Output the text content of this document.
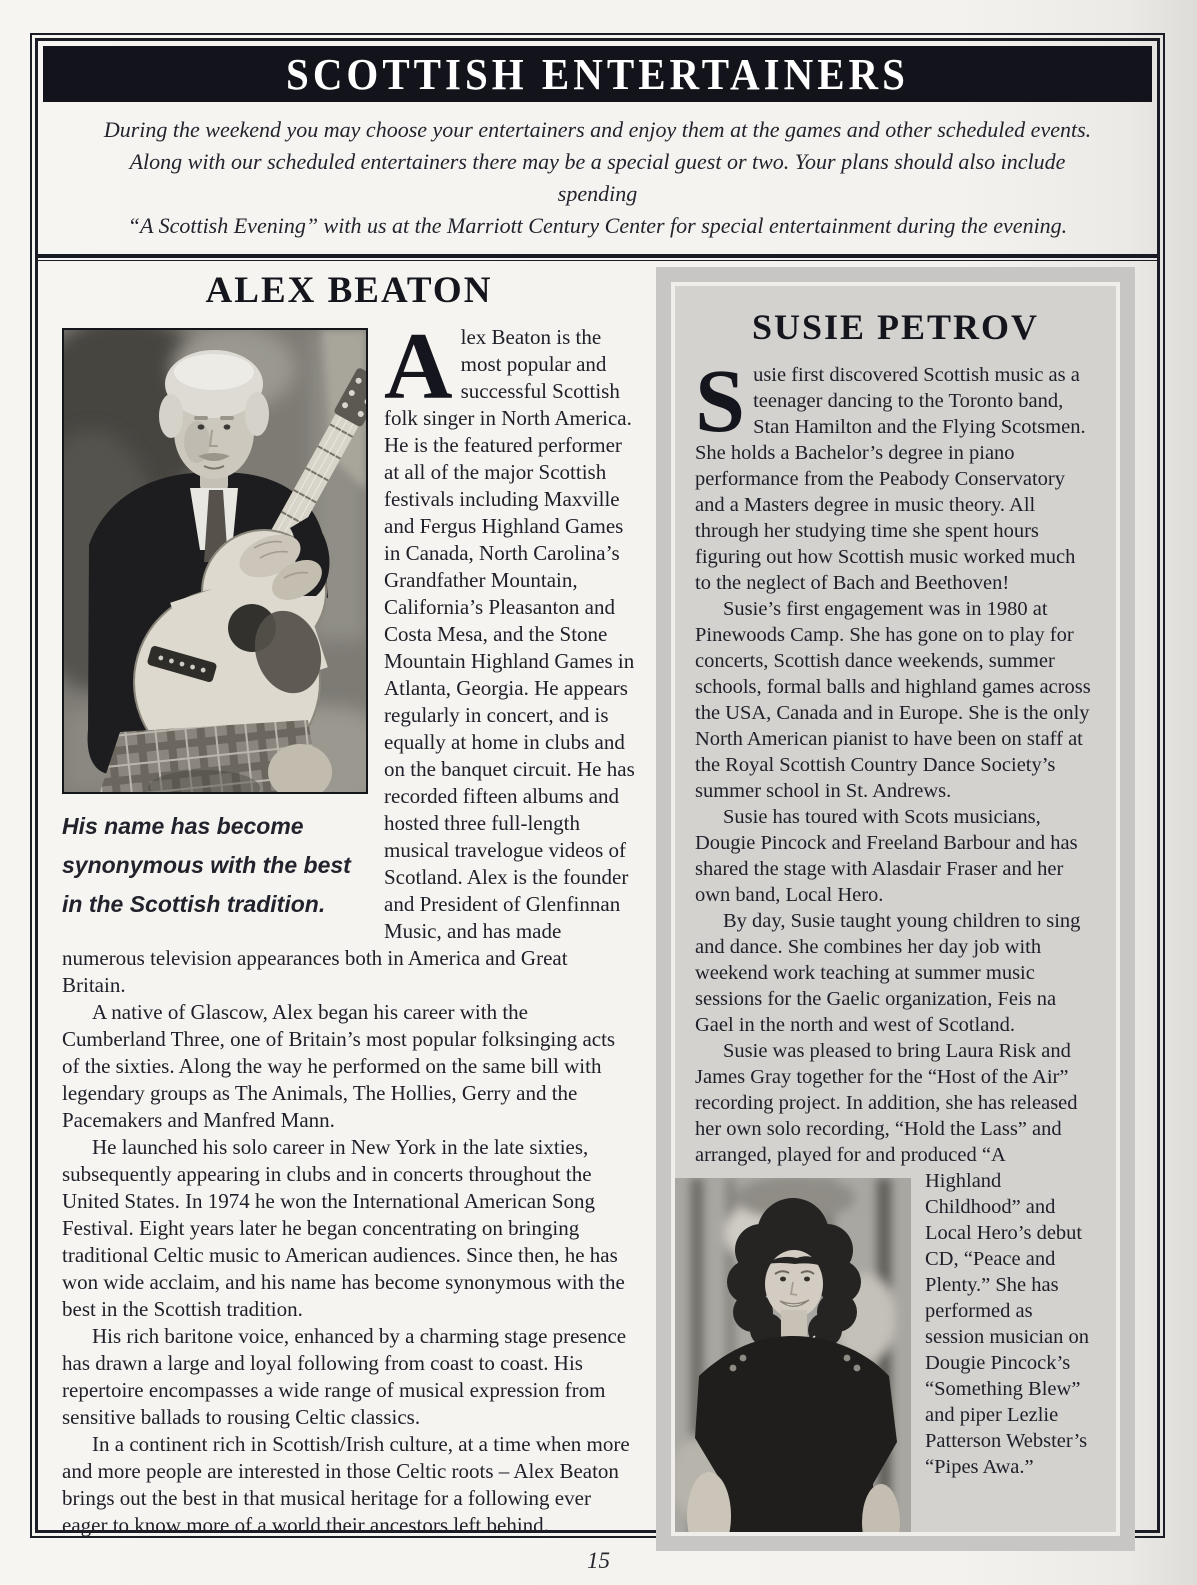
SCOTTISH ENTERTAINERS
During the weekend you may choose your entertainers and enjoy them at the games and other scheduled events.
Along with our scheduled entertainers there may be a special guest or two. Your plans should also include spending
“A Scottish Evening” with us at the Marriott Century Center for special entertainment during the evening.
ALEX BEATON
His name has become
synonymous with the best
in the Scottish tradition.

Alex Beaton is the most popular and successful Scottish folk singer in North America. He is the featured performer at all of the major Scottish festivals including Maxville and Fergus Highland Games in Canada, North Carolina’s Grandfather Mountain, California’s Pleasanton and Costa Mesa, and the Stone Mountain Highland Games in Atlanta, Georgia. He appears regularly in concert, and is equally at home in clubs and on the banquet circuit. He has recorded fifteen albums and hosted three full-length musical travelogue videos of Scotland. Alex is the founder and President of Glenfinnan Music, and has made numerous television appearances both in America and Great Britain.

A native of Glascow, Alex began his career with the Cumberland Three, one of Britain’s most popular folksinging acts of the sixties. Along the way he performed on the same bill with legendary groups as The Animals, The Hollies, Gerry and the Pacemakers and Manfred Mann.

He launched his solo career in New York in the late sixties, subsequently appearing in clubs and in concerts throughout the United States. In 1974 he won the International American Song Festival. Eight years later he began concentrating on bringing traditional Celtic music to American audiences. Since then, he has won wide acclaim, and his name has become synonymous with the best in the Scottish tradition.

His rich baritone voice, enhanced by a charming stage presence has drawn a large and loyal following from coast to coast. His repertoire encompasses a wide range of musical expression from sensitive ballads to rousing Celtic classics.

In a continent rich in Scottish/Irish culture, at a time when more and more people are interested in those Celtic roots – Alex Beaton brings out the best in that musical heritage for a following ever eager to know more of a world their ancestors left behind.

SUSIE PETROV

Susie first discovered Scottish music as a teenager dancing to the Toronto band, Stan Hamilton and the Flying Scotsmen. She holds a Bachelor’s degree in piano performance from the Peabody Conservatory and a Masters degree in music theory. All through her studying time she spent hours figuring out how Scottish music worked much to the neglect of Bach and Beethoven!

Susie’s first engagement was in 1980 at Pinewoods Camp. She has gone on to play for concerts, Scottish dance weekends, summer schools, formal balls and highland games across the USA, Canada and in Europe. She is the only North American pianist to have been on staff at the Royal Scottish Country Dance Society’s summer school in St. Andrews.

Susie has toured with Scots musicians, Dougie Pincock and Freeland Barbour and has shared the stage with Alasdair Fraser and her own band, Local Hero.

By day, Susie taught young children to sing and dance. She combines her day job with weekend work teaching at summer music sessions for the Gaelic organization, Feis na Gael in the north and west of Scotland.

Susie was pleased to bring Laura Risk and James Gray together for the “Host of the Air” recording project. In addition, she has released her own solo recording, “Hold the Lass” and arranged, played for and produced “A

Highland Childhood” and Local Hero’s debut CD, “Peace and Plenty.” She has performed as session musician on Dougie Pincock’s “Something Blew” and piper Lezlie Patterson Webster’s “Pipes Awa.”

15
